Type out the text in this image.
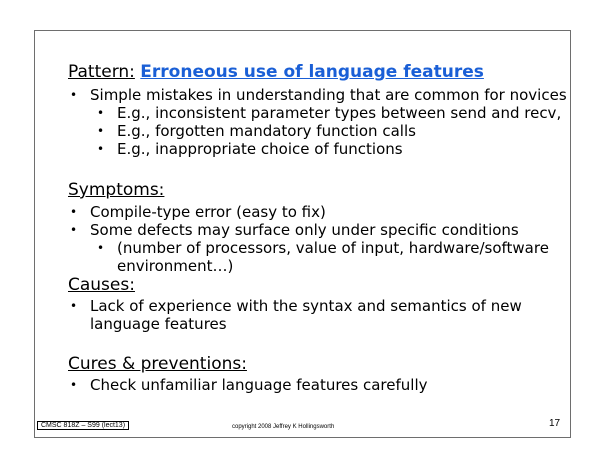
Pattern: Erroneous use of language features
• Simple mistakes in understanding that are common for novices
• E.g., inconsistent parameter types between send and recv,
• E.g., forgotten mandatory function calls
• E.g., inappropriate choice of functions
Symptoms:
• Compile-type error (easy to fix)
• Some defects may surface only under specific conditions
• (number of processors, value of input, hardware/software
environment…)
Causes:
• Lack of experience with the syntax and semantics of new
language features
Cures & preventions:
• Check unfamiliar language features carefully
CMSC 818Z – S99 (lect13)	copyright 2008 Jeffrey K Hollingsworth	17
